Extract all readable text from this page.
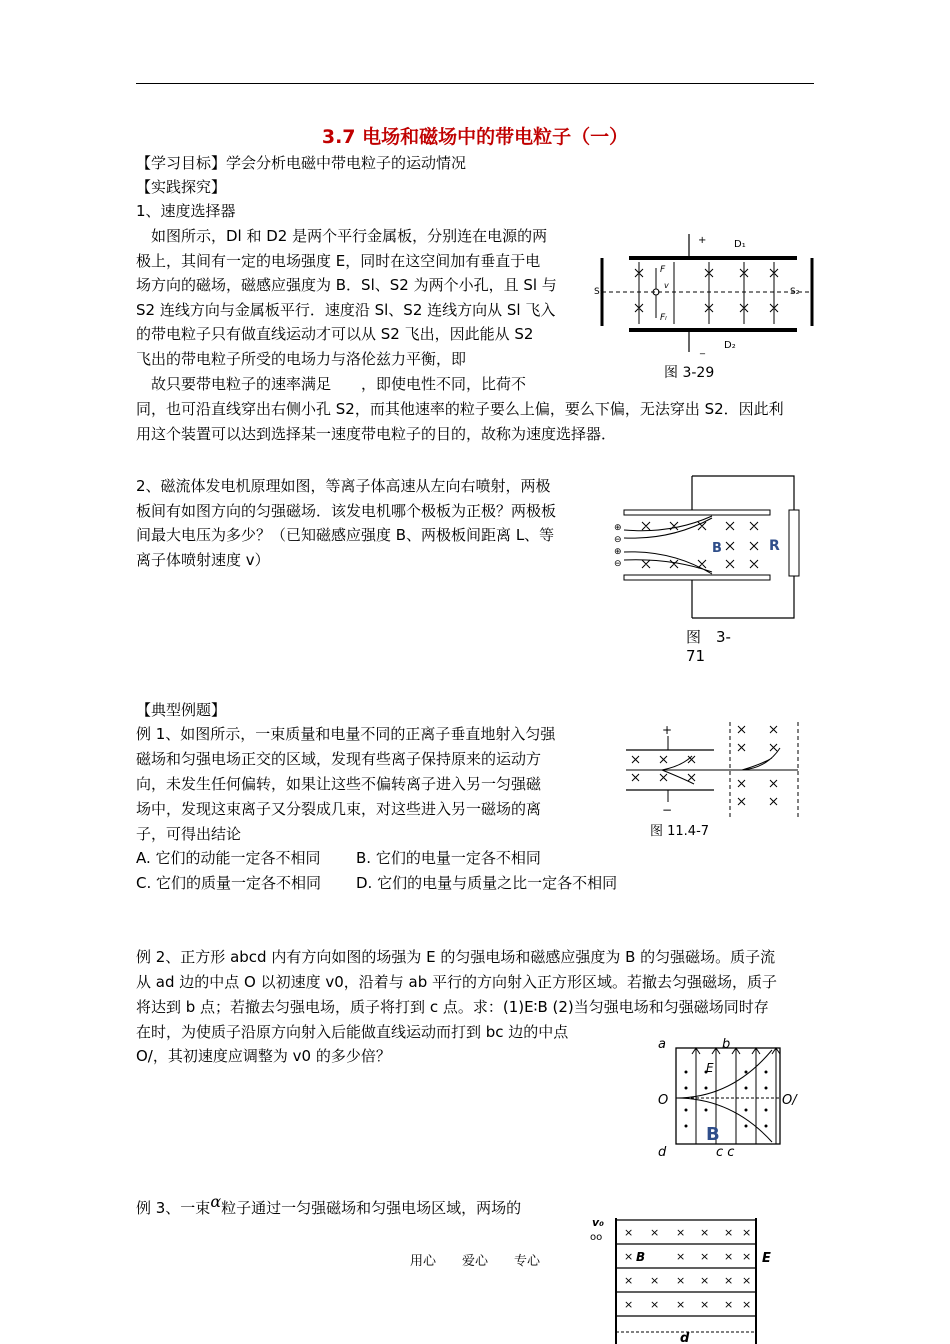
3.7 电场和磁场中的带电粒子（一）
【学习目标】学会分析电磁中带电粒子的运动情况
【实践探究】
1、速度选择器
　如图所示，Dl 和 D2 是两个平行金属板，分别连在电源的两
极上，其间有一定的电场强度 E，同时在这空间加有垂直于电
场方向的磁场，磁感应强度为 B．Sl、S2 为两个小孔，且 Sl 与
S2 连线方向与金属板平行．速度沿 Sl、S2 连线方向从 Sl 飞入
的带电粒子只有做直线运动才可以从 S2 飞出，因此能从 S2
飞出的带电粒子所受的电场力与洛伦兹力平衡，即
　故只要带电粒子的速率满足　　，即使电性不同，比荷不
同，也可沿直线穿出右侧小孔 S2，而其他速率的粒子要么上偏，要么下偏，无法穿出 S2．因此利
用这个装置可以达到选择某一速度带电粒子的目的，故称为速度选择器．
+	D₁
_ D₂
S₁	S₂
F
Fₗ
v
图 3-29
2、磁流体发电机原理如图，等离子体高速从左向右喷射，两极
板间有如图方向的匀强磁场．该发电机哪个极板为正极？两极板
间最大电压为多少？（已知磁感应强度 B、两极板间距离 L、等
离子体喷射速度 v）
R
B
⊕
⊖
⊕
⊖
图　3-
71
【典型例题】
例 1、如图所示，一束质量和电量不同的正离子垂直地射入匀强
磁场和匀强电场正交的区域，发现有些离子保持原来的运动方
向，未发生任何偏转，如果让这些不偏转离子进入另一匀强磁
场中，发现这束离子又分裂成几束，对这些进入另一磁场的离
子，可得出结论
A. 它们的动能一定各不相同 B. 它们的电量一定各不相同
C. 它们的质量一定各不相同 D. 它们的电量与质量之比一定各不相同
+
−
图 11.4-7
例 2、正方形 abcd 内有方向如图的场强为 E 的匀强电场和磁感应强度为 B 的匀强磁场。质子流
从 ad 边的中点 O 以初速度 v0，沿着与 ab 平行的方向射入正方形区域。若撤去匀强磁场，质子
将达到 b 点；若撤去匀强电场，质子将打到 c 点。求：(1)E∶B (2)当匀强电场和匀强磁场同时存
在时，为使质子沿原方向射入后能做直线运动而打到 bc 边的中点
O/，其初速度应调整为 v0 的多少倍？
a	b
d	c c
O	O/
E
B
例 3、一束α粒子通过一匀强磁场和匀强电场区域，两场的
v₀
oo × × × × × ×
×	× × × ×
× × × × × ×
× × × × × ×
B	E
d
用心　　爱心　　专心
